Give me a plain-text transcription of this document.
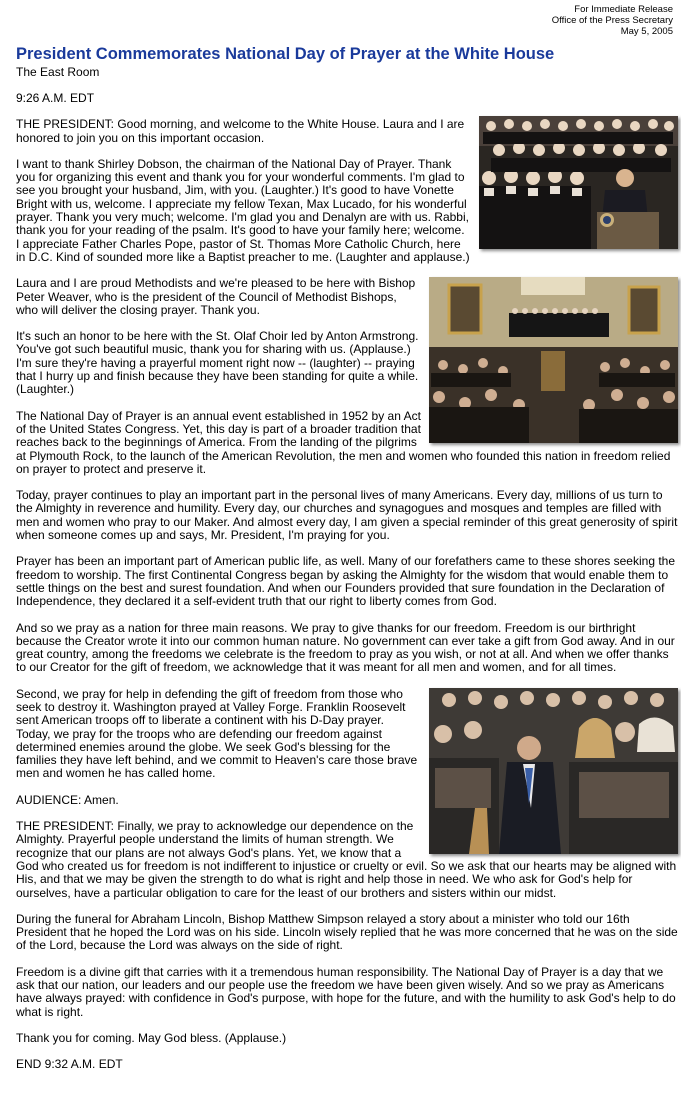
For Immediate Release
Office of the Press Secretary
May 5, 2005
President Commemorates National Day of Prayer at the White House
The East Room

9:26 A.M. EDT

THE PRESIDENT: Good morning, and welcome to the White House. Laura and I are honored to join you on this important occasion.

I want to thank Shirley Dobson, the chairman of the National Day of Prayer. Thank you for organizing this event and thank you for your wonderful comments. I'm glad to see you brought your husband, Jim, with you. (Laughter.) It's good to have Vonette Bright with us, welcome. I appreciate my fellow Texan, Max Lucado, for his wonderful prayer. Thank you very much; welcome. I'm glad you and Denalyn are with us. Rabbi, thank you for your reading of the psalm. It's good to have your family here; welcome. I appreciate Father Charles Pope, pastor of St. Thomas More Catholic Church, here in D.C. Kind of sounded more like a Baptist preacher to me. (Laughter and applause.)

Laura and I are proud Methodists and we're pleased to be here with Bishop Peter Weaver, who is the president of the Council of Methodist Bishops, who will deliver the closing prayer. Thank you.

It's such an honor to be here with the St. Olaf Choir led by Anton Armstrong. You've got such beautiful music, thank you for sharing with us. (Applause.) I'm sure they're having a prayerful moment right now -- (laughter) -- praying that I hurry up and finish because they have been standing for quite a while. (Laughter.)

The National Day of Prayer is an annual event established in 1952 by an Act of the United States Congress. Yet, this day is part of a broader tradition that reaches back to the beginnings of America. From the landing of the pilgrims at Plymouth Rock, to the launch of the American Revolution, the men and women who founded this nation in freedom relied on prayer to protect and preserve it.

Today, prayer continues to play an important part in the personal lives of many Americans. Every day, millions of us turn to the Almighty in reverence and humility. Every day, our churches and synagogues and mosques and temples are filled with men and women who pray to our Maker. And almost every day, I am given a special reminder of this great generosity of spirit when someone comes up and says, Mr. President, I'm praying for you.

Prayer has been an important part of American public life, as well. Many of our forefathers came to these shores seeking the freedom to worship. The first Continental Congress began by asking the Almighty for the wisdom that would enable them to settle things on the best and surest foundation. And when our Founders provided that sure foundation in the Declaration of Independence, they declared it a self-evident truth that our right to liberty comes from God.

And so we pray as a nation for three main reasons. We pray to give thanks for our freedom. Freedom is our birthright because the Creator wrote it into our common human nature. No government can ever take a gift from God away. And in our great country, among the freedoms we celebrate is the freedom to pray as you wish, or not at all. And when we offer thanks to our Creator for the gift of freedom, we acknowledge that it was meant for all men and women, and for all times.

Second, we pray for help in defending the gift of freedom from those who seek to destroy it. Washington prayed at Valley Forge. Franklin Roosevelt sent American troops off to liberate a continent with his D-Day prayer. Today, we pray for the troops who are defending our freedom against determined enemies around the globe. We seek God's blessing for the families they have left behind, and we commit to Heaven's care those brave men and women he has called home.

AUDIENCE: Amen.

THE PRESIDENT: Finally, we pray to acknowledge our dependence on the Almighty. Prayerful people understand the limits of human strength. We recognize that our plans are not always God's plans. Yet, we know that a God who created us for freedom is not indifferent to injustice or cruelty or evil. So we ask that our hearts may be aligned with His, and that we may be given the strength to do what is right and help those in need. We who ask for God's help for ourselves, have a particular obligation to care for the least of our brothers and sisters within our midst.

During the funeral for Abraham Lincoln, Bishop Matthew Simpson relayed a story about a minister who told our 16th President that he hoped the Lord was on his side. Lincoln wisely replied that he was more concerned that he was on the side of the Lord, because the Lord was always on the side of right.

Freedom is a divine gift that carries with it a tremendous human responsibility. The National Day of Prayer is a day that we ask that our nation, our leaders and our people use the freedom we have been given wisely. And so we pray as Americans have always prayed: with confidence in God's purpose, with hope for the future, and with the humility to ask God's help to do what is right.

Thank you for coming. May God bless. (Applause.)

END 9:32 A.M. EDT
